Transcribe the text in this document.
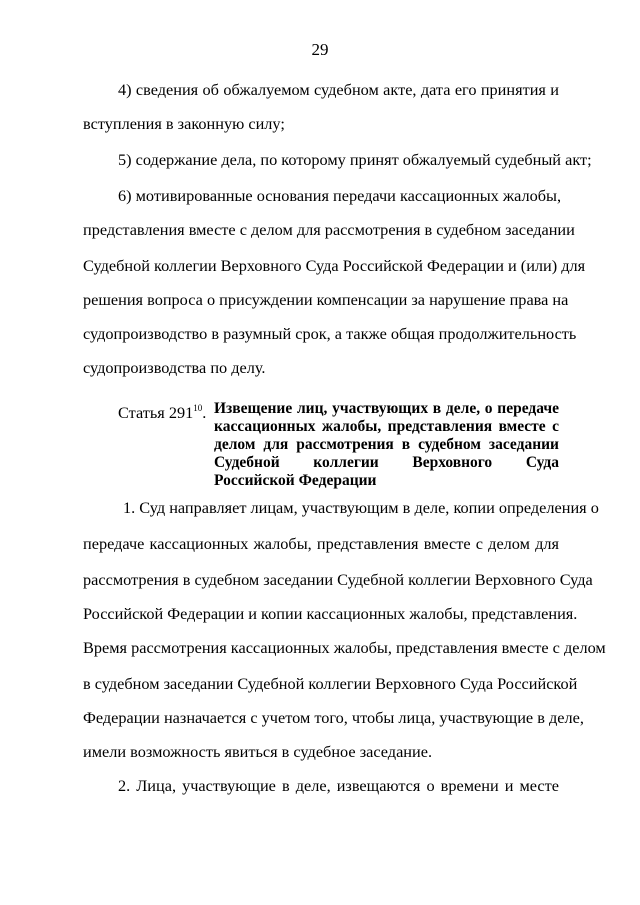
29
4) сведения об обжалуемом судебном акте, дата его принятия и
вступления в законную силу;
5) содержание дела, по которому принят обжалуемый судебный акт;
6) мотивированные основания передачи кассационных жалобы,
представления вместе с делом для рассмотрения в судебном заседании
Судебной коллегии Верховного Суда Российской Федерации и (или) для
решения вопроса о присуждении компенсации за нарушение права на
судопроизводство в разумный срок, а также общая продолжительность
судопроизводства по делу.
Статья $291^{10}$. Извещение лиц, участвующих в деле, о передаче
кассационных жалобы, представления вместе с
делом для рассмотрения в судебном заседании
Судебной коллегии Верховного Суда
Российской Федерации
1. Суд направляет лицам, участвующим в деле, копии определения о
передаче кассационных жалобы, представления вместе с делом для
рассмотрения в судебном заседании Судебной коллегии Верховного Суда
Российской Федерации и копии кассационных жалобы, представления.
Время рассмотрения кассационных жалобы, представления вместе с делом
в судебном заседании Судебной коллегии Верховного Суда Российской
Федерации назначается с учетом того, чтобы лица, участвующие в деле,
имели возможность явиться в судебное заседание.
2. Лица, участвующие в деле, извещаются о времени и месте
